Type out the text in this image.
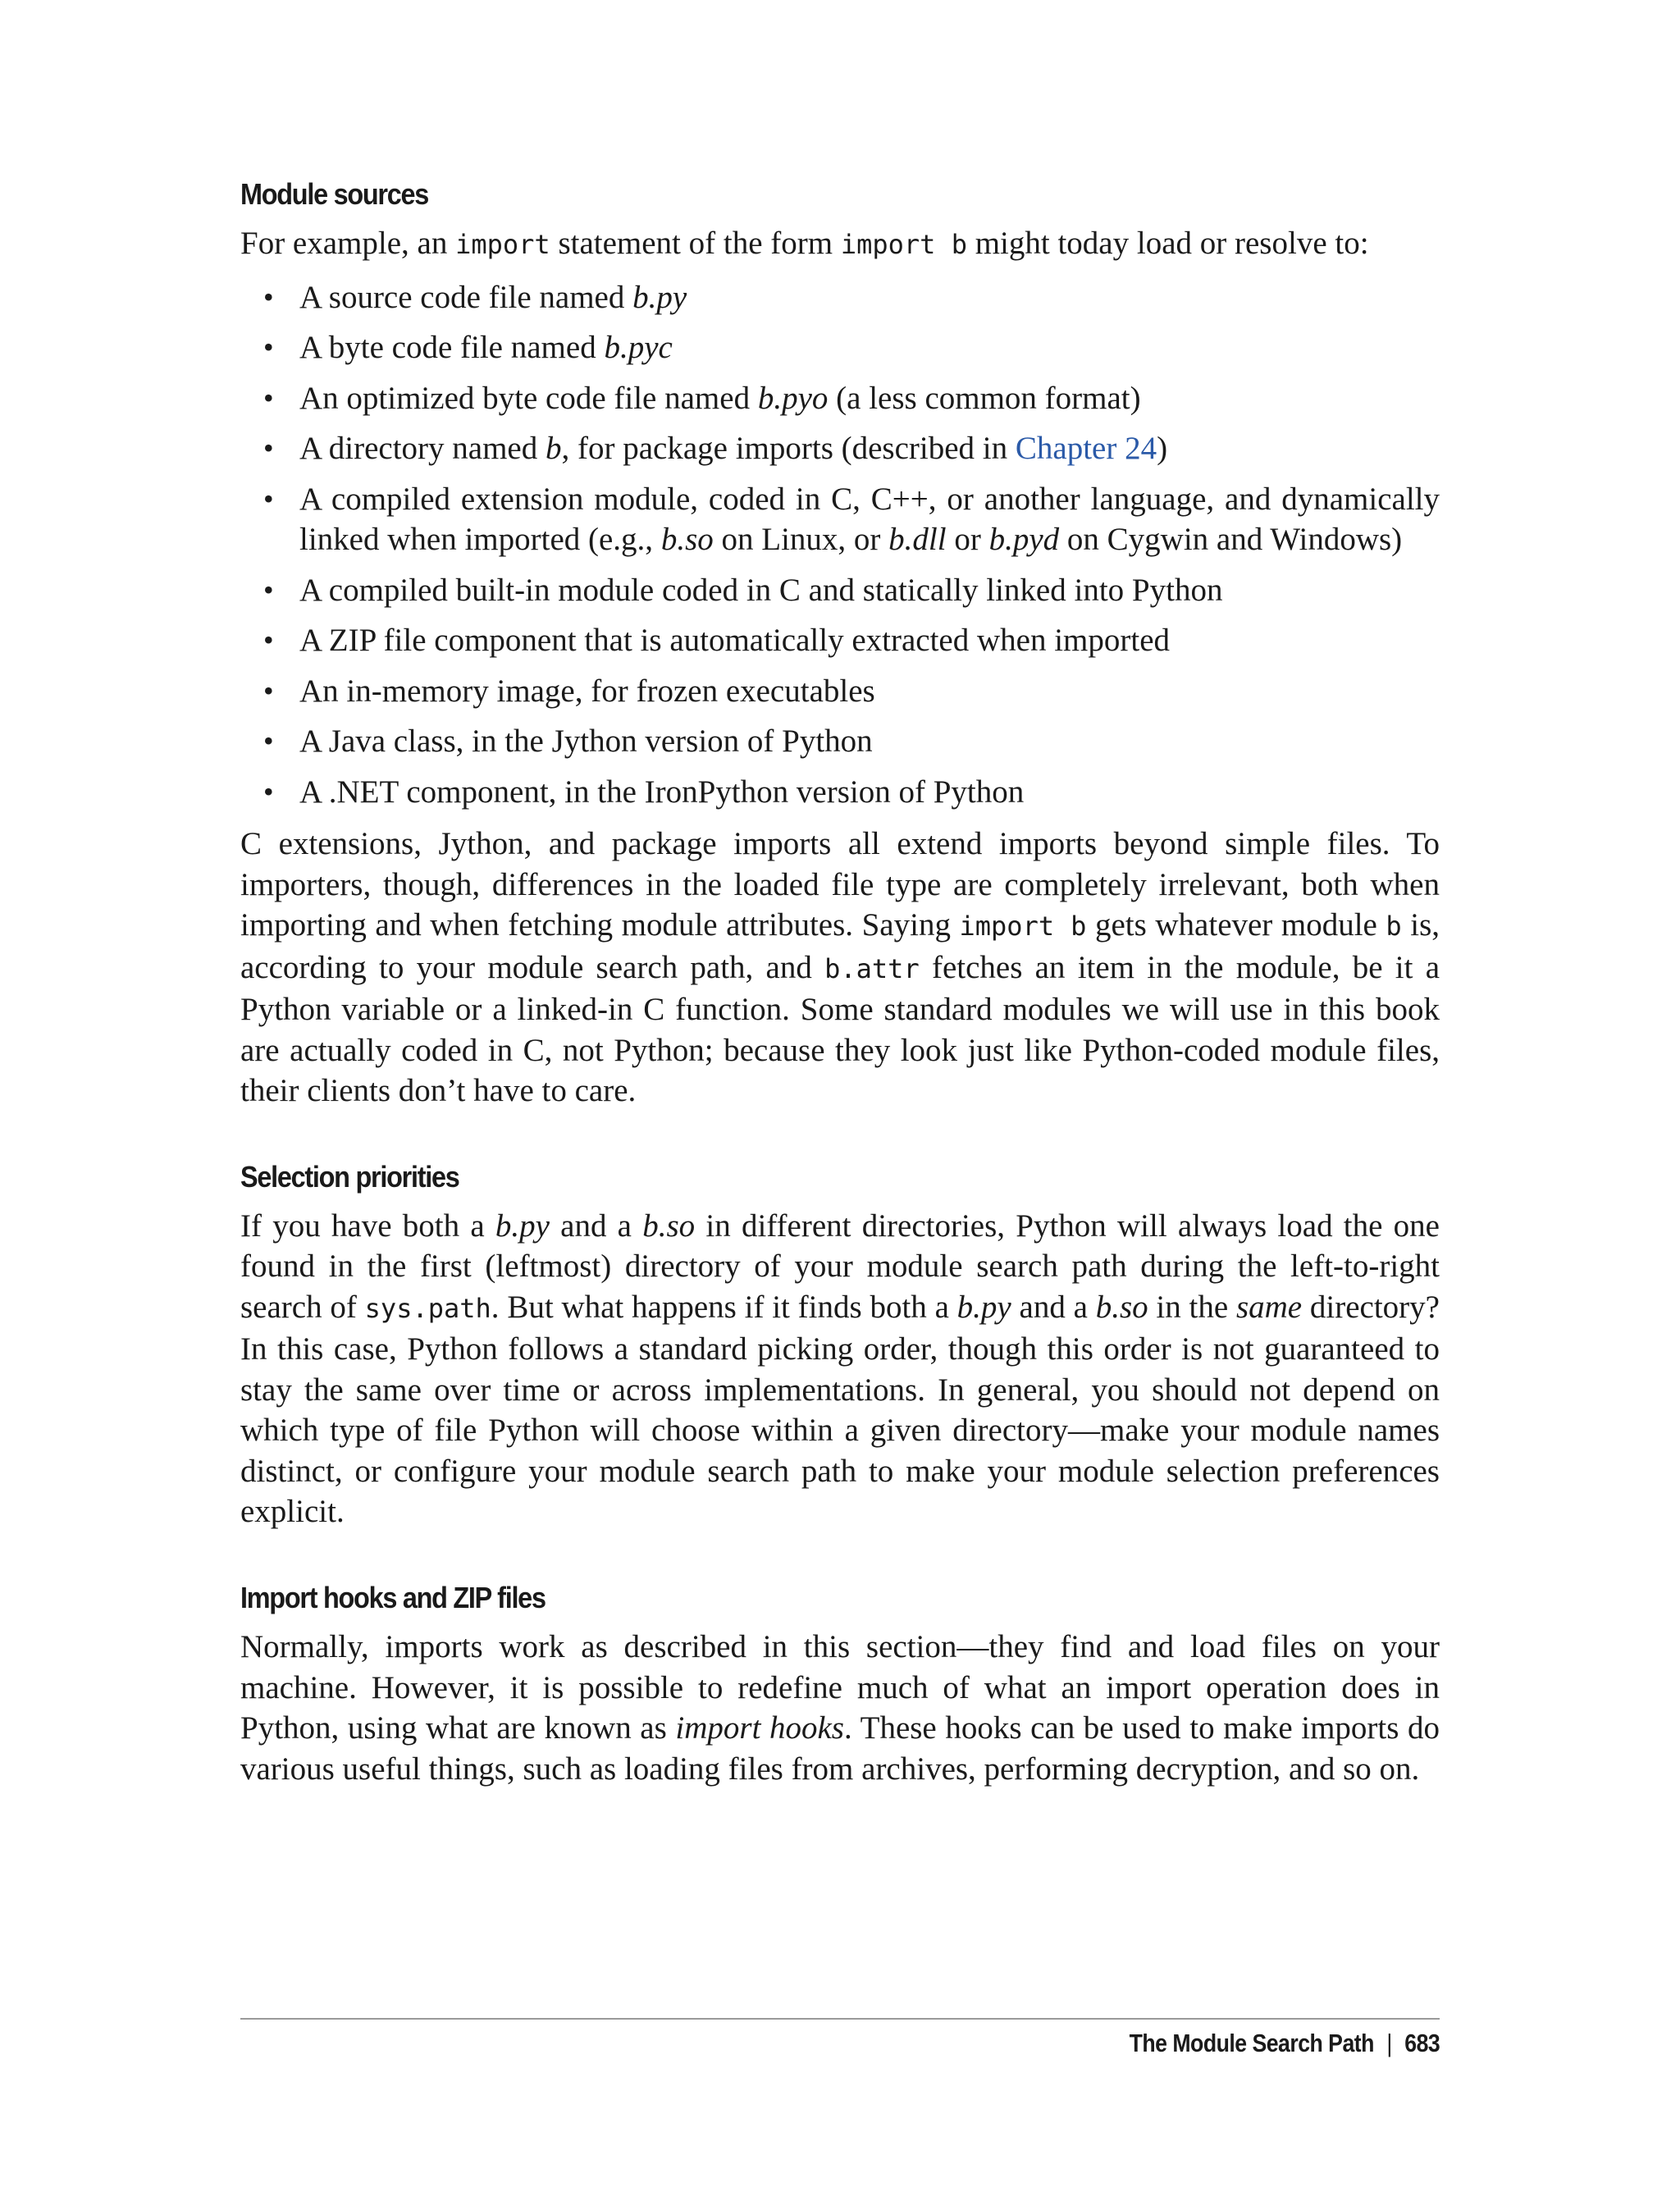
Module sources

For example, an import statement of the form import b might today load or resolve to:

• A source code file named b.py
• A byte code file named b.pyc
• An optimized byte code file named b.pyo (a less common format)
• A directory named b, for package imports (described in Chapter 24)
• A compiled extension module, coded in C, C++, or another language, and dynamically linked when imported (e.g., b.so on Linux, or b.dll or b.pyd on Cygwin and Windows)
• A compiled built-in module coded in C and statically linked into Python
• A ZIP file component that is automatically extracted when imported
• An in-memory image, for frozen executables
• A Java class, in the Jython version of Python
• A .NET component, in the IronPython version of Python

C extensions, Jython, and package imports all extend imports beyond simple files. To importers, though, differences in the loaded file type are completely irrelevant, both when importing and when fetching module attributes. Saying import b gets whatever module b is, according to your module search path, and b.attr fetches an item in the module, be it a Python variable or a linked-in C function. Some standard modules we will use in this book are actually coded in C, not Python; because they look just like Python-coded module files, their clients don’t have to care.

Selection priorities

If you have both a b.py and a b.so in different directories, Python will always load the one found in the first (leftmost) directory of your module search path during the left-to-right search of sys.path. But what happens if it finds both a b.py and a b.so in the same directory? In this case, Python follows a standard picking order, though this order is not guaranteed to stay the same over time or across implementations. In general, you should not depend on which type of file Python will choose within a given directory—make your module names distinct, or configure your module search path to make your module selection preferences explicit.

Import hooks and ZIP files

Normally, imports work as described in this section—they find and load files on your machine. However, it is possible to redefine much of what an import operation does in Python, using what are known as import hooks. These hooks can be used to make imports do various useful things, such as loading files from archives, performing decryption, and so on.

The Module Search Path | 683
